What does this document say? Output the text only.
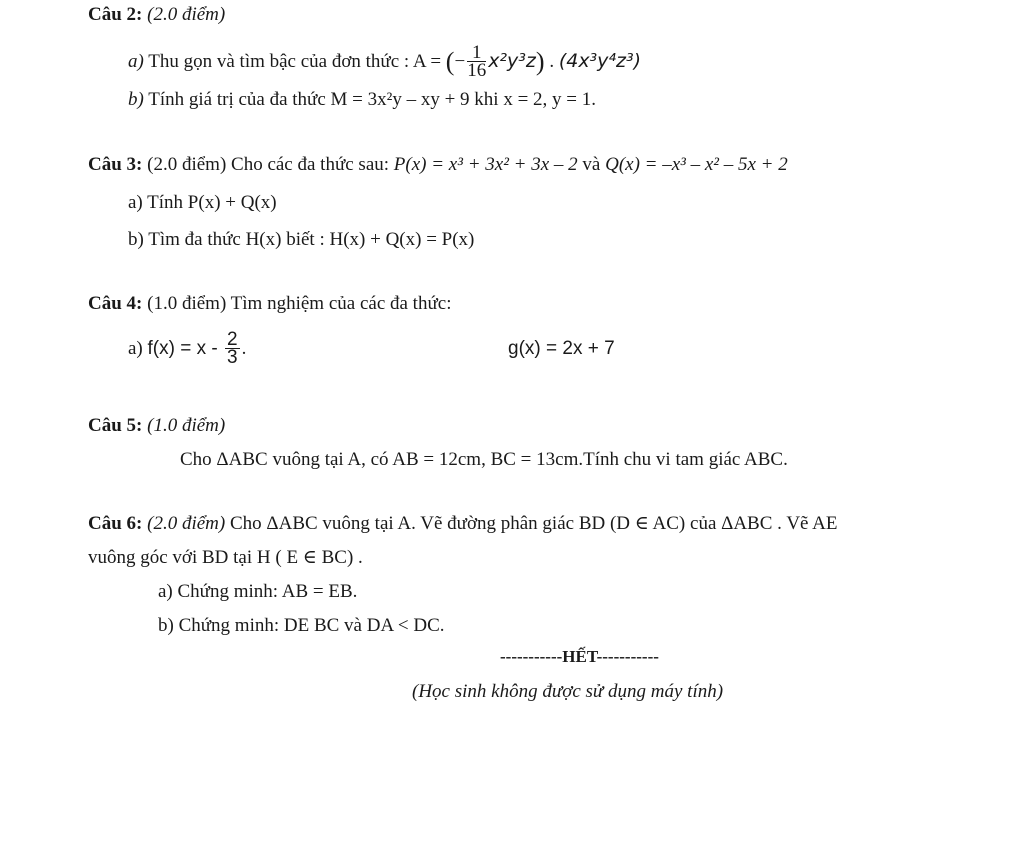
Câu 2: (2.0 điểm)
a) Thu gọn và tìm bậc của đơn thức : A = (− $\frac{1}{16} x^2y^3z$) . (4x³y⁴z³)
b) Tính giá trị của đa thức M = 3x²y – xy + 9 khi x = 2, y = 1.
Câu 3: (2.0 điểm) Cho các đa thức sau: P(x) = x³ + 3x² + 3x – 2 và Q(x) = –x³ – x² – 5x + 2
a) Tính P(x) + Q(x)
b) Tìm đa thức H(x) biết : H(x) + Q(x) = P(x)
Câu 4: (1.0 điểm) Tìm nghiệm của các đa thức:
a) $f(x) = x - \frac{2}{3}$ .	g(x) = 2x + 7
Câu 5: (1.0 điểm)
Cho ΔABC vuông tại A, có AB = 12cm, BC = 13cm.Tính chu vi tam giác ABC.
Câu 6: (2.0 điểm) Cho ΔABC vuông tại A. Vẽ đường phân giác BD (D ∈ AC) của ΔABC . Vẽ AE
vuông góc với BD tại H ( E ∈ BC) .
a) Chứng minh: AB = EB.
b) Chứng minh: DE BC và DA < DC.
-----------HẾT-----------
(Học sinh không được sử dụng máy tính)
